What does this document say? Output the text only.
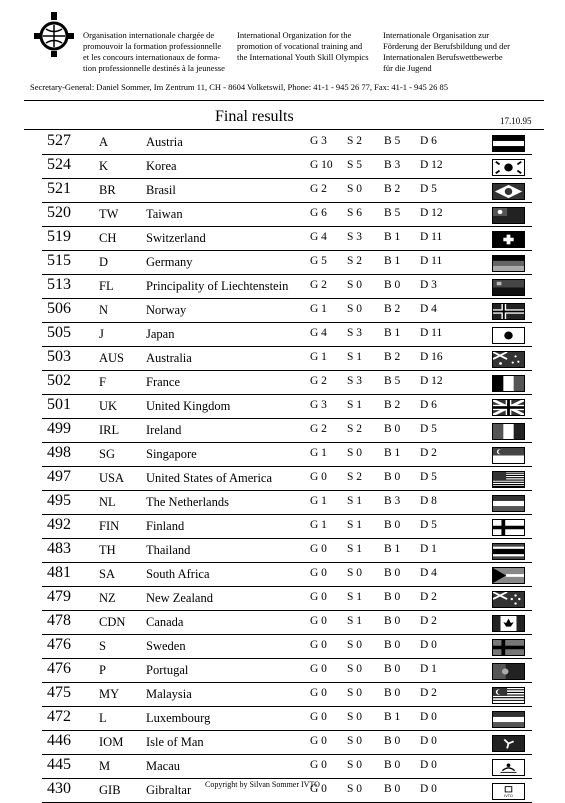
Organisation internationale chargée de
promouvoir la formation professionnelle
et les concours internationaux de forma-
tion professionnelle destinés à la jeunesse
International Organization for the
promotion of vocational training and
the International Youth Skill Olympics
Internationale Organisation zur
Förderung der Berufsbildung und der
Internationalen Berufswettbewerbe
für die Jugend
Secretary-General: Daniel Sommer, Im Zentrum 11, CH - 8604 Volketswil, Phone: 41-1 - 945 26 77, Fax: 41-1 - 945 26 85
Final results	17.10.95
527 A	Austria	G 3 S 2 B 5 D 6
524 K	Korea	G 10 S 5 B 3 D 12
521 BR Brasil	G 2 S 0 B 2 D 5
520 TW Taiwan	G 6 S 6 B 5 D 12
519 CH Switzerland	G 4 S 3 B 1 D 11
515 D	Germany	G 5 S 2 B 1 D 11
513 FL	Principality of Liechtenstein G 2 S 0 B 0 D 3
506 N	Norway	G 1 S 0 B 2 D 4
505 J	Japan	G 4 S 3 B 1 D 11
503 AUS Australia	G 1 S 1 B 2 D 16
502 F	France	G 2 S 3 B 5 D 12
501 UK United Kingdom	G 3 S 1 B 2 D 6
499 IRL Ireland	G 2 S 2 B 0 D 5
498 SG Singapore	G 1 S 0 B 1 D 2
497 USA United States of America	G 0 S 2 B 0 D 5
495 NL The Netherlands	G 1 S 1 B 3 D 8
492 FIN Finland	G 1 S 1 B 0 D 5
483 TH Thailand	G 0 S 1 B 1 D 1
481 SA South Africa	G 0 S 0 B 0 D 4
479 NZ New Zealand	G 0 S 1 B 0 D 2
478 CDN Canada	G 0 S 1 B 0 D 2
476 S	Sweden	G 0 S 0 B 0 D 0
476 P	Portugal	G 0 S 0 B 0 D 1
475 MY Malaysia	G 0 S 0 B 0 D 2
472 L	Luxembourg	G 0 S 0 B 1 D 0
446 IOM Isle of Man	G 0 S 0 B 0 D 0
445 M	Macau	G 0 S 0 B 0 D 0
430 GIB Gibraltar	G 0 S 0 B 0 D 0
IVTO
Copyright by Silvan Sommer IVTO
